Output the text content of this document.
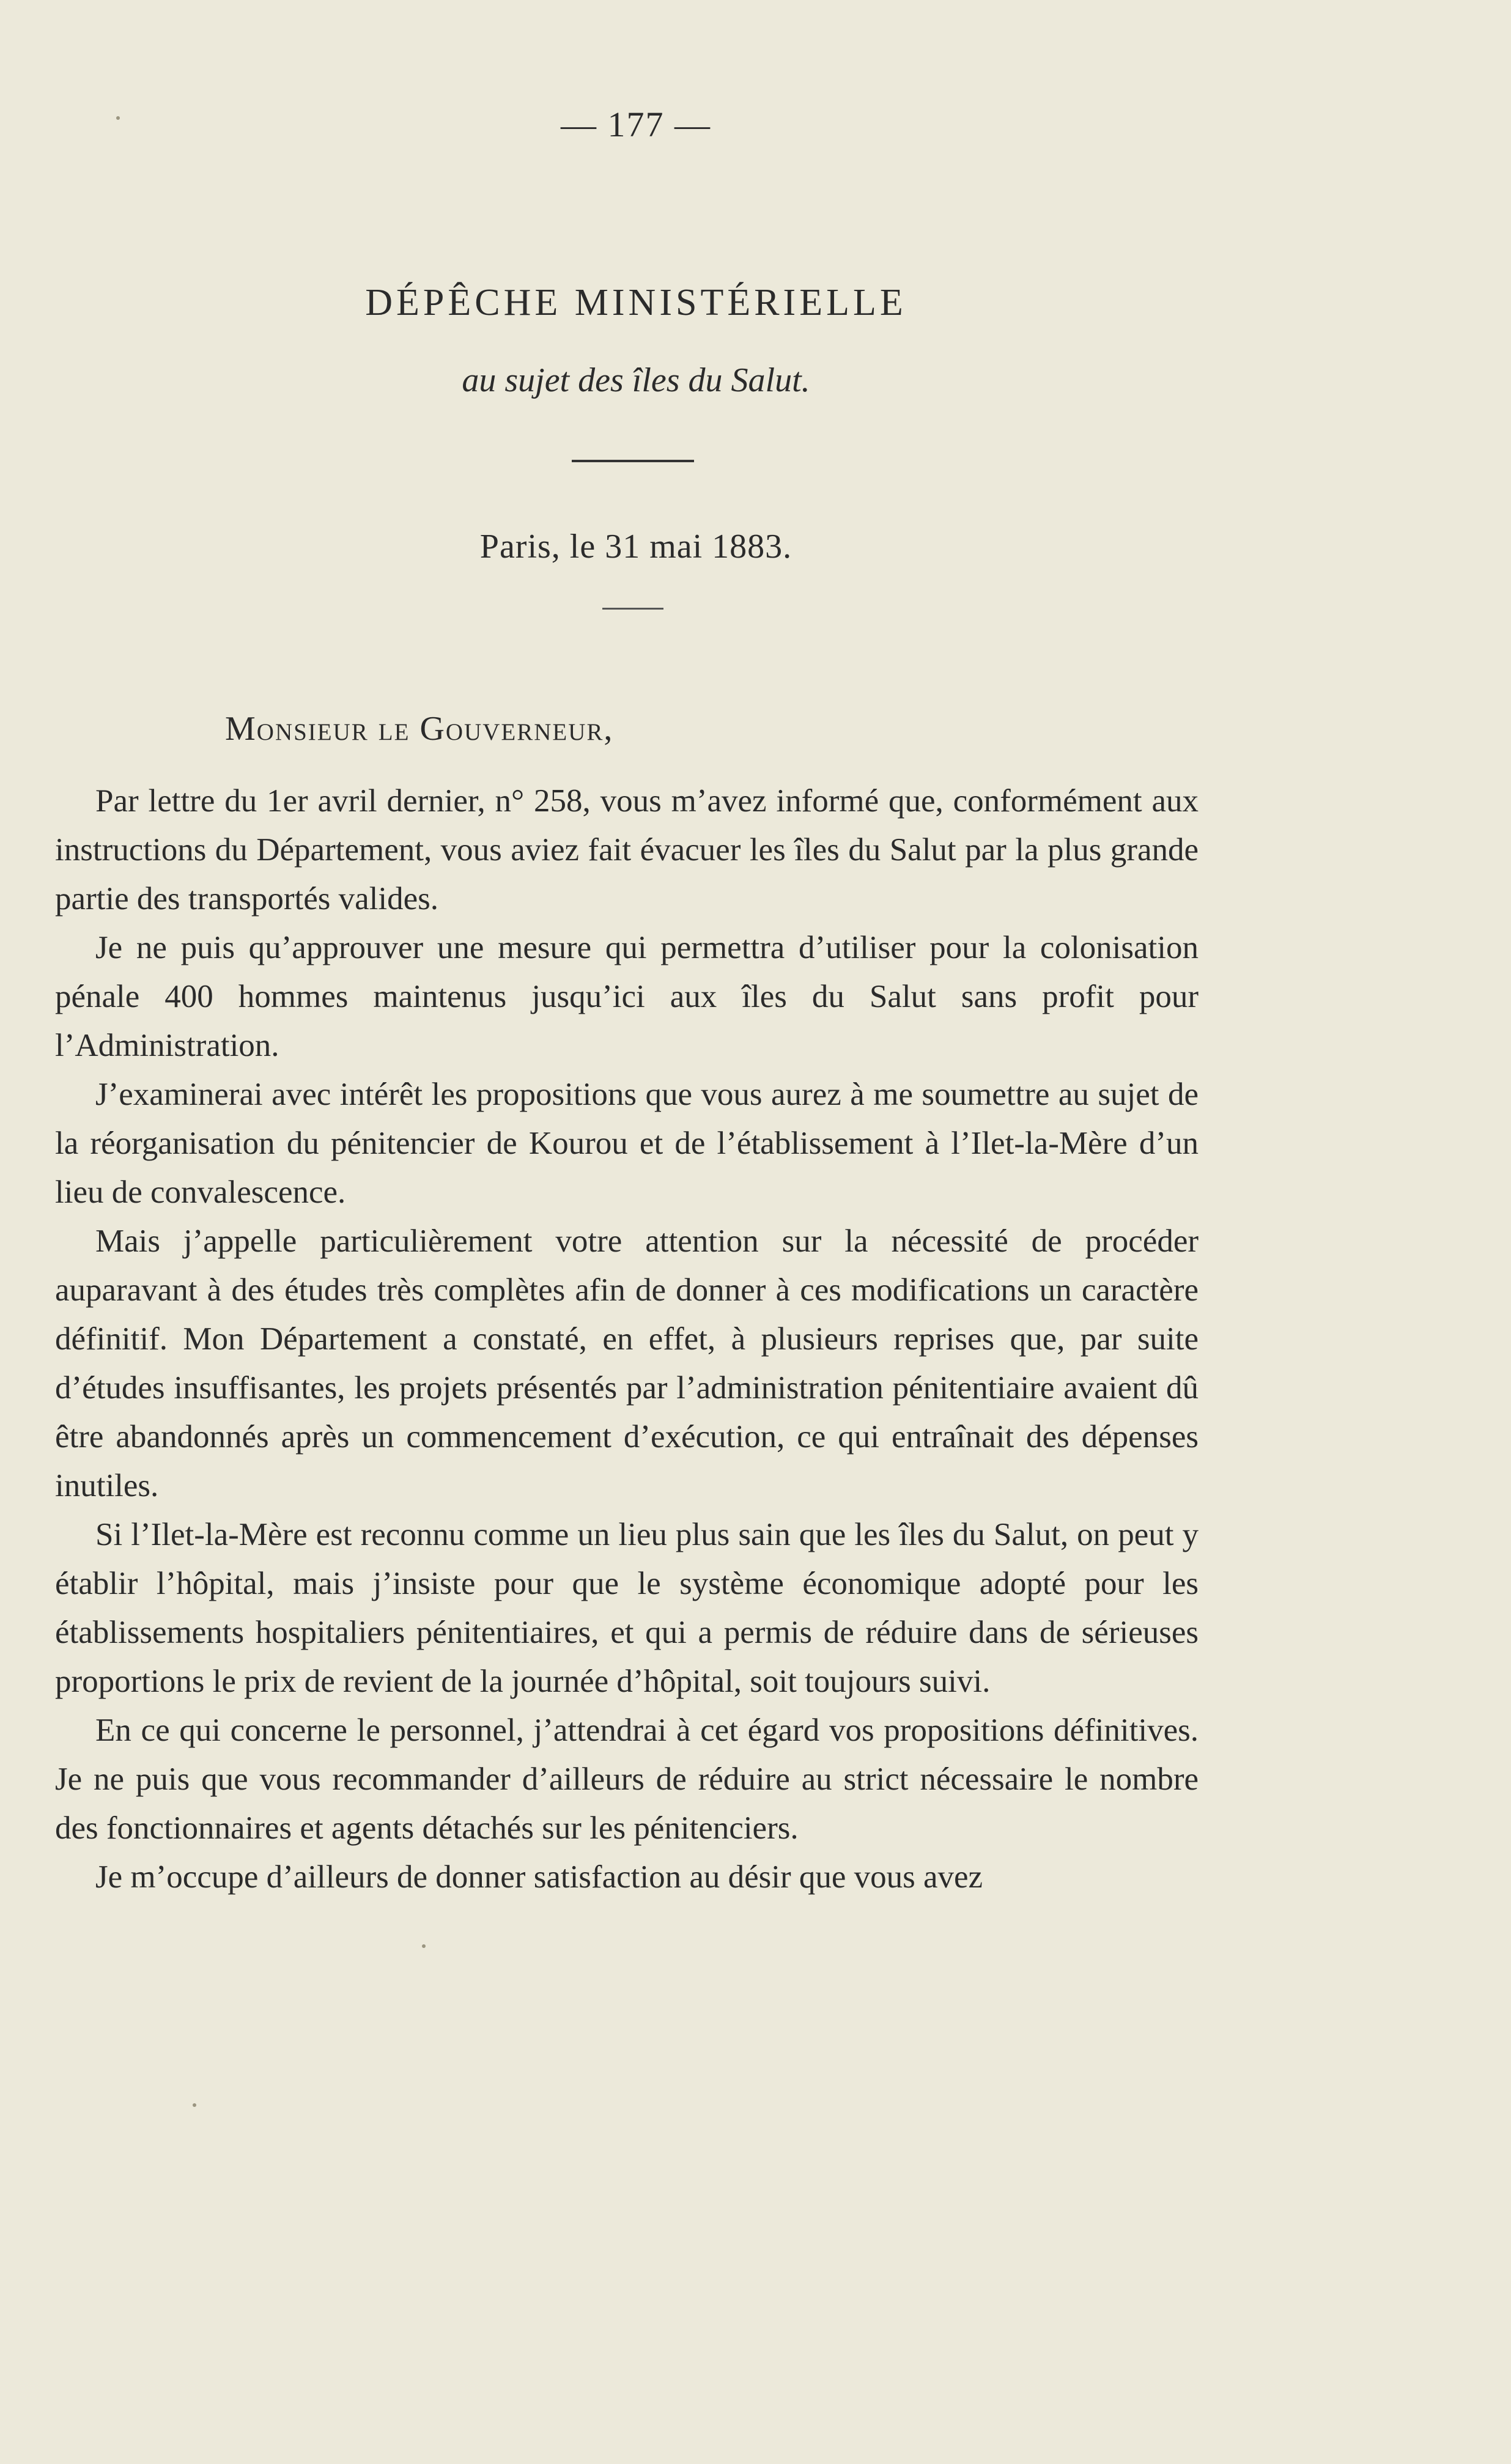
— 177 —
DÉPÊCHE MINISTÉRIELLE
au sujet des îles du Salut.
Paris, le 31 mai 1883.
Monsieur le Gouverneur,

Par lettre du 1er avril dernier, n° 258, vous m’avez informé que, conformément aux instructions du Département, vous aviez fait évacuer les îles du Salut par la plus grande partie des transportés valides.

Je ne puis qu’approuver une mesure qui permettra d’utiliser pour la colonisation pénale 400 hommes maintenus jusqu’ici aux îles du Salut sans profit pour l’Administration.

J’examinerai avec intérêt les propositions que vous aurez à me soumettre au sujet de la réorganisation du pénitencier de Kourou et de l’établissement à l’Ilet-la-Mère d’un lieu de convalescence.

Mais j’appelle particulièrement votre attention sur la nécessité de procéder auparavant à des études très complètes afin de donner à ces modifications un caractère définitif. Mon Département a constaté, en effet, à plusieurs reprises que, par suite d’études insuffisantes, les projets présentés par l’administration pénitentiaire avaient dû être abandonnés après un commencement d’exécution, ce qui entraînait des dépenses inutiles.

Si l’Ilet-la-Mère est reconnu comme un lieu plus sain que les îles du Salut, on peut y établir l’hôpital, mais j’insiste pour que le système économique adopté pour les établissements hospitaliers pénitentiaires, et qui a permis de réduire dans de sérieuses proportions le prix de revient de la journée d’hôpital, soit toujours suivi.

En ce qui concerne le personnel, j’attendrai à cet égard vos propositions définitives. Je ne puis que vous recommander d’ailleurs de réduire au strict nécessaire le nombre des fonctionnaires et agents détachés sur les pénitenciers.

Je m’occupe d’ailleurs de donner satisfaction au désir que vous avez
